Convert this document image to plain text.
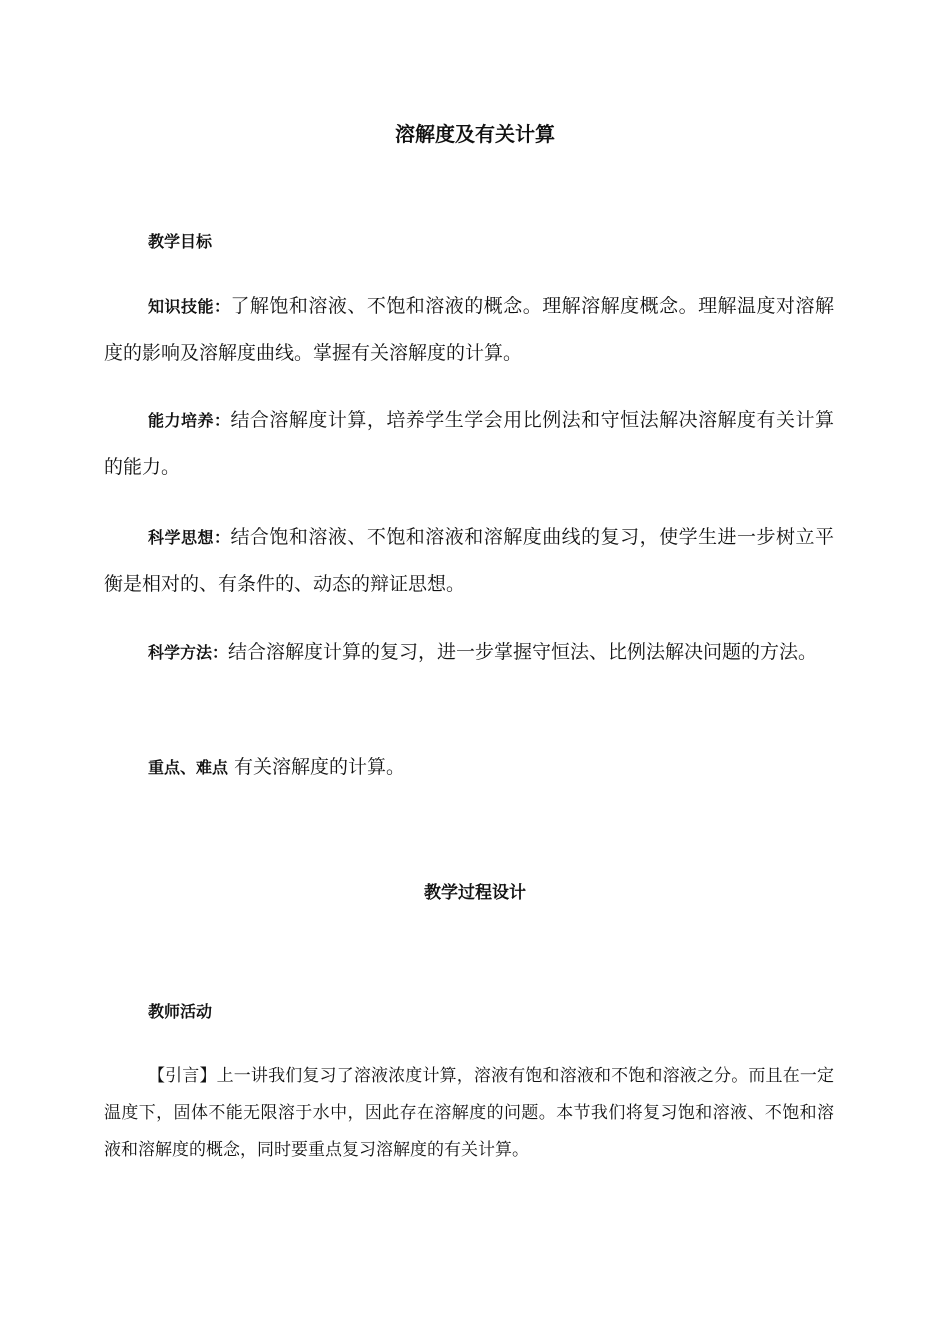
溶解度及有关计算
教学目标
知识技能：了解饱和溶液、不饱和溶液的概念。理解溶解度概念。理解温度对溶解度的影响及溶解度曲线。掌握有关溶解度的计算。
能力培养：结合溶解度计算，培养学生学会用比例法和守恒法解决溶解度有关计算的能力。
科学思想：结合饱和溶液、不饱和溶液和溶解度曲线的复习，使学生进一步树立平衡是相对的、有条件的、动态的辩证思想。
科学方法：结合溶解度计算的复习，进一步掌握守恒法、比例法解决问题的方法。
重点、难点 有关溶解度的计算。
教学过程设计
教师活动
【引言】上一讲我们复习了溶液浓度计算，溶液有饱和溶液和不饱和溶液之分。而且在一定温度下，固体不能无限溶于水中，因此存在溶解度的问题。本节我们将复习饱和溶液、不饱和溶液和溶解度的概念，同时要重点复习溶解度的有关计算。
